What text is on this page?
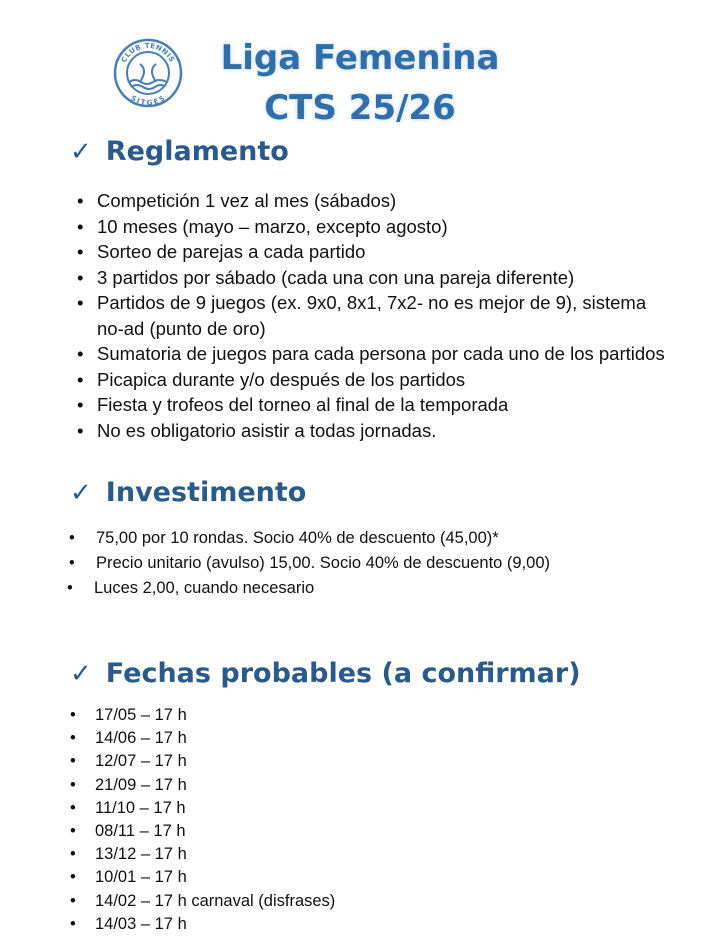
CLUB TENNIS
SITGES
Liga Femenina
CTS 25/26
✓ Reglamento
• Competición 1 vez al mes (sábados)
• 10 meses (mayo – marzo, excepto agosto)
• Sorteo de parejas a cada partido
• 3 partidos por sábado (cada una con una pareja diferente)
• Partidos de 9 juegos (ex. 9x0, 8x1, 7x2- no es mejor de 9), sistema no-ad (punto de oro)
• Sumatoria de juegos para cada persona por cada uno de los partidos
• Picapica durante y/o después de los partidos
• Fiesta y trofeos del torneo al final de la temporada
• No es obligatorio asistir a todas jornadas.
✓ Investimento
• 75,00 por 10 rondas. Socio 40% de descuento (45,00)*
• Precio unitario (avulso) 15,00. Socio 40% de descuento (9,00)
• Luces 2,00, cuando necesario
✓ Fechas probables (a confirmar)
• 17/05 – 17 h
• 14/06 – 17 h
• 12/07 – 17 h
• 21/09 – 17 h
• 11/10 – 17 h
• 08/11 – 17 h
• 13/12 – 17 h
• 10/01 – 17 h
• 14/02 – 17 h carnaval (disfrases)
• 14/03 – 17 h
